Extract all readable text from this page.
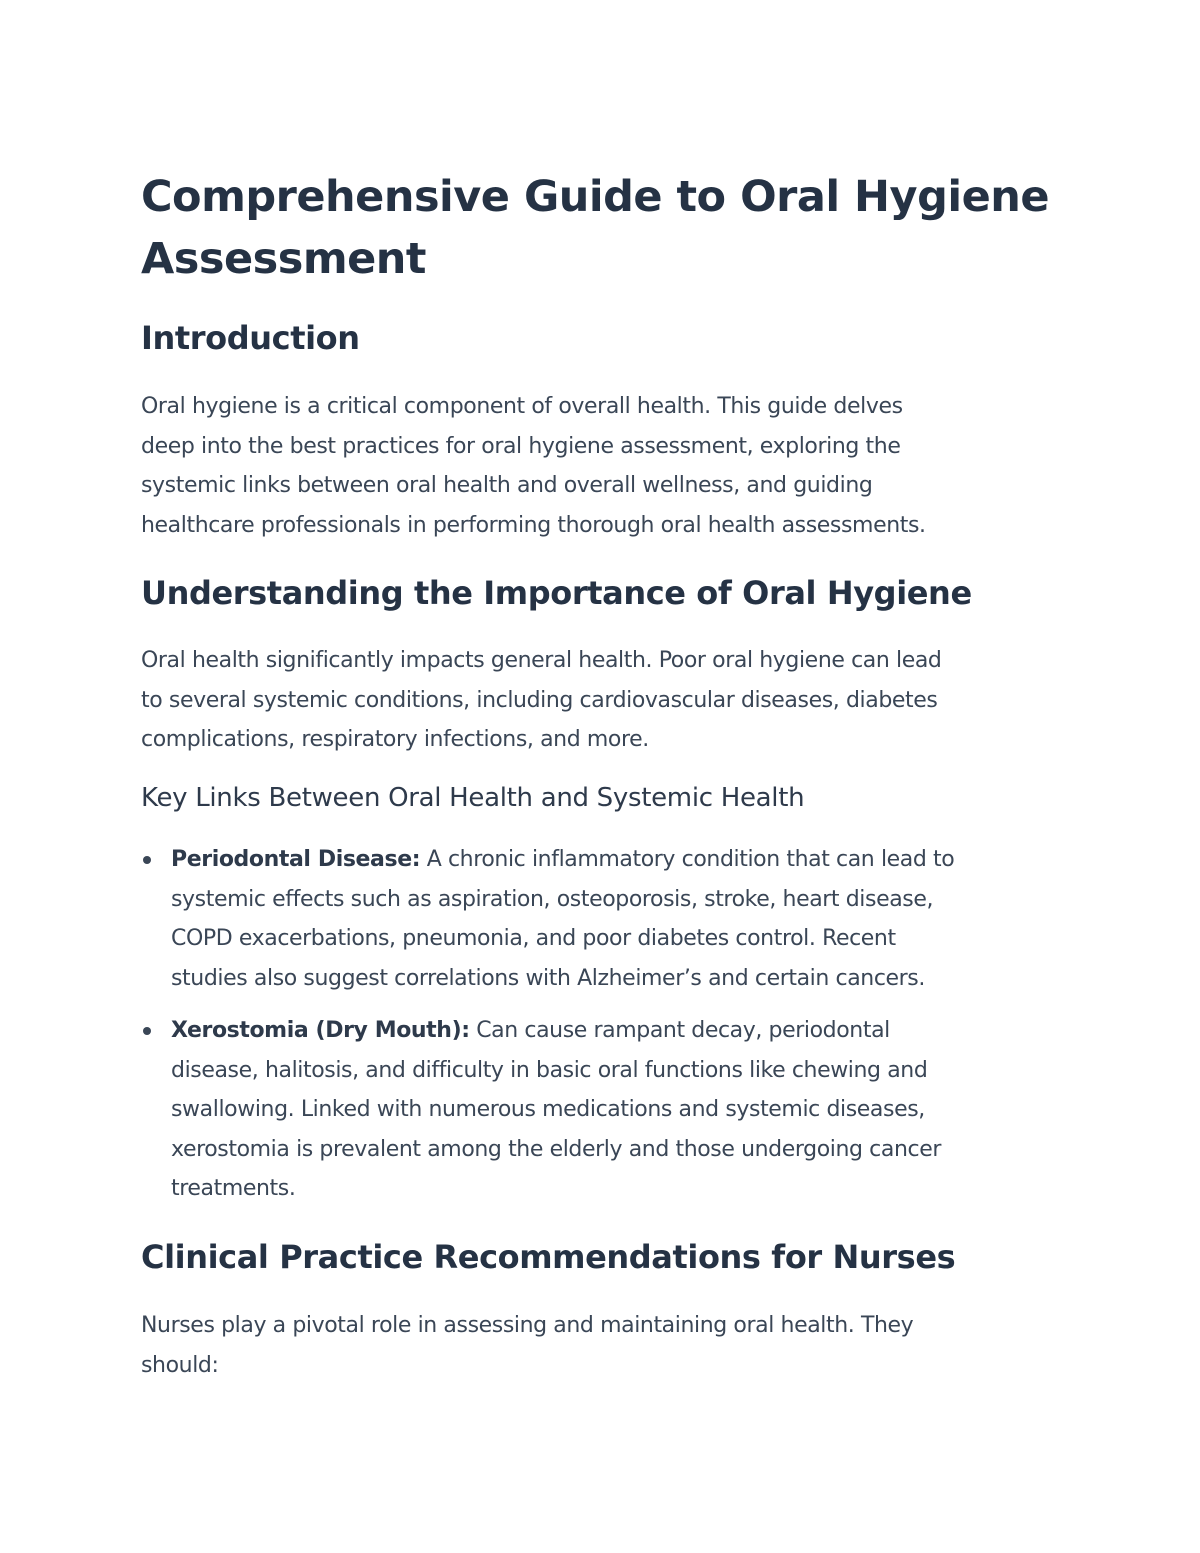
Comprehensive Guide to Oral Hygiene
Assessment
Introduction

Oral hygiene is a critical component of overall health. This guide delves
deep into the best practices for oral hygiene assessment, exploring the
systemic links between oral health and overall wellness, and guiding
healthcare professionals in performing thorough oral health assessments.

Understanding the Importance of Oral Hygiene

Oral health significantly impacts general health. Poor oral hygiene can lead
to several systemic conditions, including cardiovascular diseases, diabetes
complications, respiratory infections, and more.

Key Links Between Oral Health and Systemic Health
Periodontal Disease: A chronic inflammatory condition that can lead to
systemic effects such as aspiration, osteoporosis, stroke, heart disease,
COPD exacerbations, pneumonia, and poor diabetes control. Recent
studies also suggest correlations with Alzheimer’s and certain cancers.
Xerostomia (Dry Mouth): Can cause rampant decay, periodontal
disease, halitosis, and difficulty in basic oral functions like chewing and
swallowing. Linked with numerous medications and systemic diseases,
xerostomia is prevalent among the elderly and those undergoing cancer
treatments.
Clinical Practice Recommendations for Nurses

Nurses play a pivotal role in assessing and maintaining oral health. They
should:
